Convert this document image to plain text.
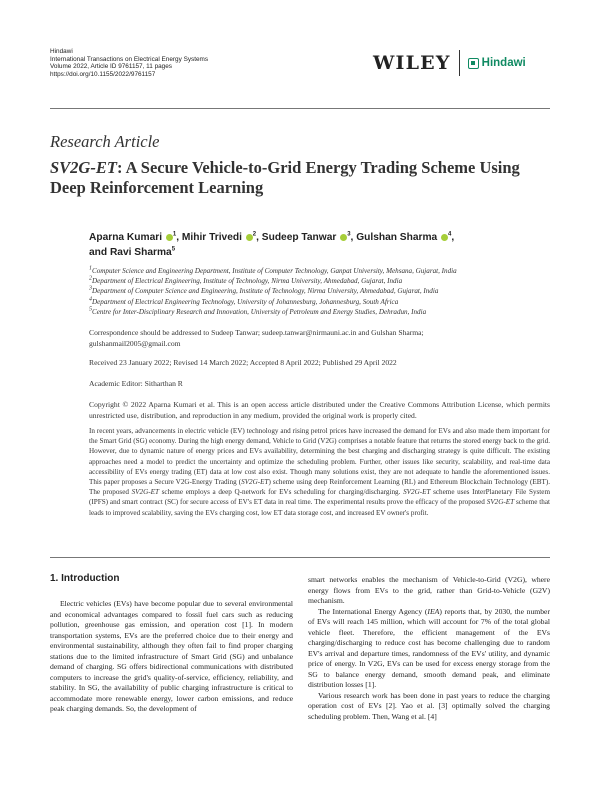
Hindawi
International Transactions on Electrical Energy Systems
Volume 2022, Article ID 9761157, 11 pages
https://doi.org/10.1155/2022/9761157
WILEY	Hindawi
Research Article
SV2G-ET: A Secure Vehicle-to-Grid Energy Trading Scheme Using Deep Reinforcement Learning
Aparna Kumari $^1$, Mihir Trivedi $^2$, Sudeep Tanwar $^3$, Gulshan Sharma $^4$,
and Ravi Sharma$^5$
$^1$Computer Science and Engineering Department, Institute of Computer Technology, Ganpat University, Mehsana, Gujarat, India
$^2$Department of Electrical Engineering, Institute of Technology, Nirma University, Ahmedabad, Gujarat, India
$^3$Department of Computer Science and Engineering, Institute of Technology, Nirma University, Ahmedabad, Gujarat, India
$^4$Department of Electrical Engineering Technology, University of Johannesburg, Johannesburg, South Africa
$^5$Centre for Inter-Disciplinary Research and Innovation, University of Petroleum and Energy Studies, Dehradun, India
Correspondence should be addressed to Sudeep Tanwar; sudeep.tanwar@nirmauni.ac.in and Gulshan Sharma; gulshanmail2005@gmail.com
Received 23 January 2022; Revised 14 March 2022; Accepted 8 April 2022; Published 29 April 2022
Academic Editor: Sitharthan R
Copyright © 2022 Aparna Kumari et al. This is an open access article distributed under the Creative Commons Attribution License, which permits unrestricted use, distribution, and reproduction in any medium, provided the original work is properly cited.
In recent years, advancements in electric vehicle (EV) technology and rising petrol prices have increased the demand for EVs and also made them important for the Smart Grid (SG) economy. During the high energy demand, Vehicle to Grid (V2G) comprises a notable feature that returns the stored energy back to the grid. However, due to dynamic nature of energy prices and EVs availability, determining the best charging and discharging strategy is quite difficult. The existing approaches need a model to predict the uncertainty and optimize the scheduling problem. Further, other issues like security, scalability, and real-time data accessibility of EVs energy trading (ET) data at low cost also exist. Though many solutions exist, they are not adequate to handle the aforementioned issues. This paper proposes a Secure V2G-Energy Trading (SV2G-ET) scheme using deep Reinforcement Learning (RL) and Ethereum Blockchain Technology (EBT). The proposed SV2G-ET scheme employs a deep Q-network for EVs scheduling for charging/discharging. SV2G-ET scheme uses InterPlanetary File System (IPFS) and smart contract (SC) for secure access of EV's ET data in real time. The experimental results prove the efficacy of the proposed SV2G-ET scheme that leads to improved scalability, saving the EVs charging cost, low ET data storage cost, and increased EV owner's profit.
1. Introduction

Electric vehicles (EVs) have become popular due to several environmental and economical advantages compared to fossil fuel cars such as reducing pollution, greenhouse gas emission, and operation cost [1]. In modern transportation systems, EVs are the preferred choice due to their energy and environmental sustainability, although they often fail to find proper charging stations due to the limited infrastructure of Smart Grid (SG) and unbalance demand of charging. SG offers bidirectional communications with distributed computers to increase the grid's quality-of-service, efficiency, reliability, and stability. In SG, the availability of public charging infrastructure is critical to accommodate more renewable energy, lower carbon emissions, and reduce peak charging demands. So, the development of

smart networks enables the mechanism of Vehicle-to-Grid (V2G), where energy flows from EVs to the grid, rather than Grid-to-Vehicle (G2V) mechanism.

The International Energy Agency (IEA) reports that, by 2030, the number of EVs will reach 145 million, which will account for 7% of the total global vehicle fleet. Therefore, the efficient management of the EVs charging/discharging to reduce cost has become challenging due to random EV's arrival and departure times, randomness of the EVs' utility, and dynamic price of energy. In V2G, EVs can be used for excess energy storage from the SG to balance energy demand, smooth demand peak, and eliminate distribution losses [1].

Various research work has been done in past years to reduce the charging operation cost of EVs [2]. Yao et al. [3] optimally solved the charging scheduling problem. Then, Wang et al. [4]
